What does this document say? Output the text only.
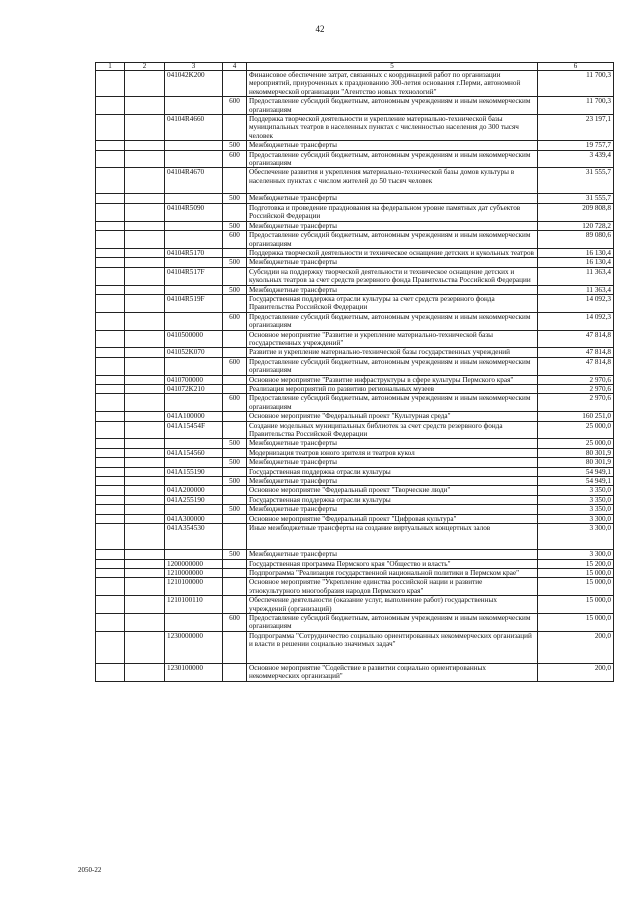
42
1	2	3	4	5	6
		041042K200		Финансовое обеспечение затрат, связанных с координацией работ по организации мероприятий, приуроченных к празднованию 300-летия основания г.Перми, автономной некоммерческой организации "Агентство новых технологий"	11 700,3
			600	Предоставление субсидий бюджетным, автономным учреждениям и иным некоммерческим организациям	11 700,3
		04104R4660		Поддержка творческой деятельности и укрепление материально-технической базы муниципальных театров в населенных пунктах с численностью населения до 300 тысяч человек	23 197,1
			500	Межбюджетные трансферты	19 757,7
			600	Предоставление субсидий бюджетным, автономным учреждениям и иным некоммерческим организациям	3 439,4
		04104R4670		Обеспечение развития и укрепления материально-технической базы домов культуры в населенных пунктах с числом жителей до 50 тысяч человек	31 555,7
			500	Межбюджетные трансферты	31 555,7
		04104R5090		Подготовка и проведение празднования на федеральном уровне памятных дат субъектов Российской Федерации	209 808,8
			500	Межбюджетные трансферты	120 728,2
			600	Предоставление субсидий бюджетным, автономным учреждениям и иным некоммерческим организациям	89 080,6
		04104R5170		Поддержка творческой деятельности и техническое оснащение детских и кукольных театров	16 130,4
			500	Межбюджетные трансферты	16 130,4
		04104R517F		Субсидии на поддержку творческой деятельности и техническое оснащение детских и кукольных театров за счет средств резервного фонда Правительства Российской Федерации	11 363,4
			500	Межбюджетные трансферты	11 363,4
		04104R519F		Государственная поддержка отрасли культуры за счет средств резервного фонда Правительства Российской Федерации	14 092,3
			600	Предоставление субсидий бюджетным, автономным учреждениям и иным некоммерческим организациям	14 092,3
		0410500000		Основное мероприятие "Развитие и укрепление материально-технической базы государственных учреждений"	47 814,8
		041052K070		Развитие и укрепление материально-технической базы государственных учреждений	47 814,8
			600	Предоставление субсидий бюджетным, автономным учреждениям и иным некоммерческим организациям	47 814,8
		0410700000		Основное мероприятие "Развитие инфраструктуры в сфере культуры Пермского края"	2 970,6
		041072K210		Реализация мероприятий по развитию региональных музеев	2 970,6
			600	Предоставление субсидий бюджетным, автономным учреждениям и иным некоммерческим организациям	2 970,6
		041A100000		Основное мероприятие "Федеральный проект "Культурная среда"	160 251,0
		041A15454F		Создание модельных муниципальных библиотек за счет средств резервного фонда Правительства Российской Федерации	25 000,0
			500	Межбюджетные трансферты	25 000,0
		041A154560		Модернизация театров юного зрителя и театров кукол	80 301,9
			500	Межбюджетные трансферты	80 301,9
		041A155190		Государственная поддержка отрасли культуры	54 949,1
			500	Межбюджетные трансферты	54 949,1
		041A200000		Основное мероприятие "Федеральный проект "Творческие люди"	3 350,0
		041A255190		Государственная поддержка отрасли культуры	3 350,0
			500	Межбюджетные трансферты	3 350,0
		041A300000		Основное мероприятие "Федеральный проект "Цифровая культура"	3 300,0
		041A354530		Иные межбюджетные трансферты на создание виртуальных концертных залов	3 300,0
			500	Межбюджетные трансферты	3 300,0
		1200000000		Государственная программа Пермского края "Общество и власть"	15 200,0
		1210000000		Подпрограмма "Реализация государственной национальной политики в Пермском крае"	15 000,0
		1210100000		Основное мероприятие "Укрепление единства российской нации и развитие этнокультурного многообразия народов Пермского края"	15 000,0
		1210100110		Обеспечение деятельности (оказание услуг, выполнение работ) государственных учреждений (организаций)	15 000,0
			600	Предоставление субсидий бюджетным, автономным учреждениям и иным некоммерческим организациям	15 000,0
		1230000000		Подпрограмма "Сотрудничество социально ориентированных некоммерческих организаций и власти в решении социально значимых задач"	200,0
		1230100000		Основное мероприятие "Содействие в развитии социально ориентированных некоммерческих организаций"	200,0
2050-22
